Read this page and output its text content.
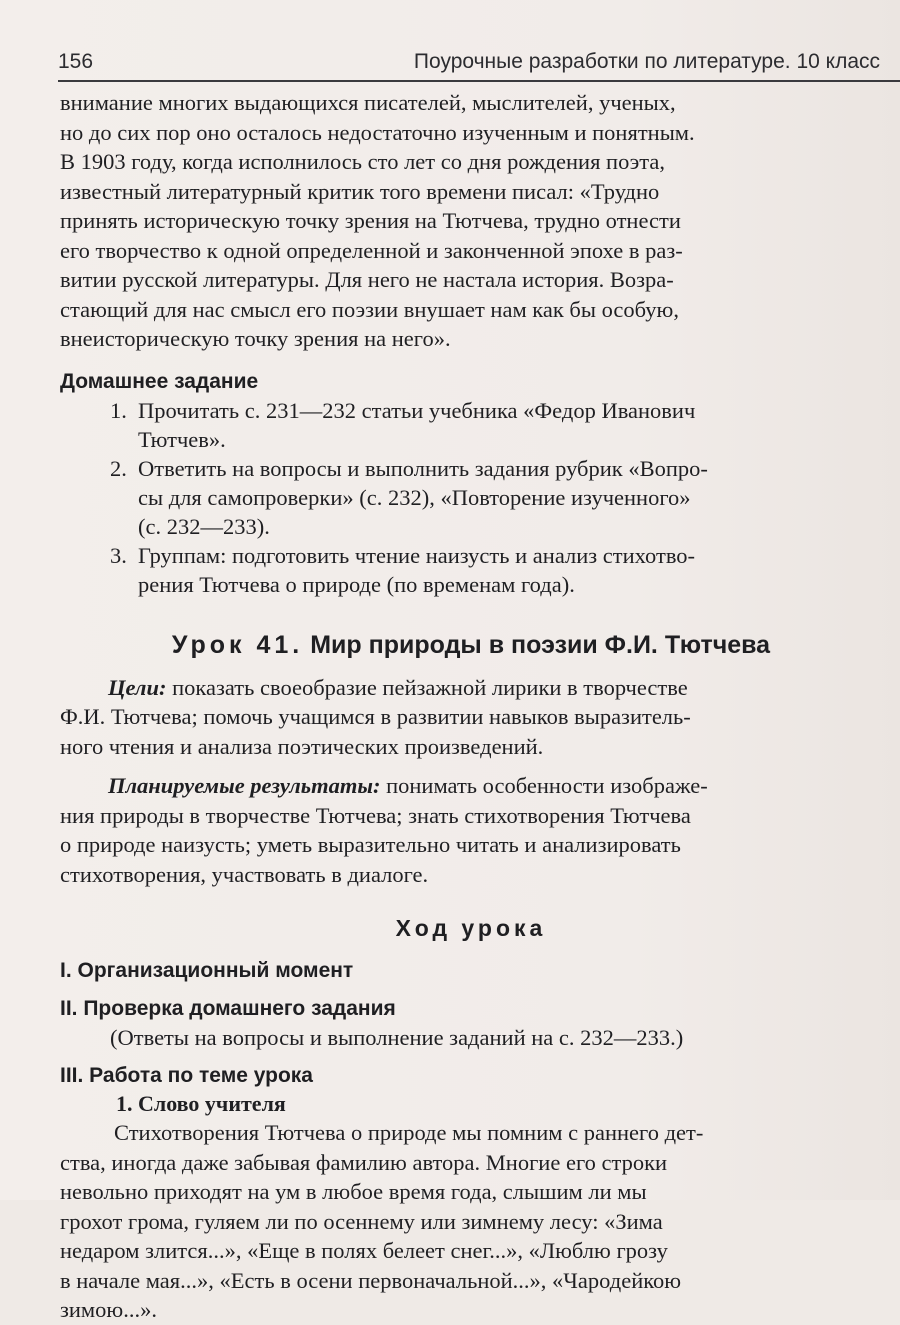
156	Поурочные разработки по литературе. 10 класс
внимание многих выдающихся писателей, мыслителей, ученых,
но до сих пор оно осталось недостаточно изученным и понятным.
В 1903 году, когда исполнилось сто лет со дня рождения поэта,
известный литературный критик того времени писал: «Трудно
принять историческую точку зрения на Тютчева, трудно отнести
его творчество к одной определенной и законченной эпохе в раз-
витии русской литературы. Для него не настала история. Возра-
стающий для нас смысл его поэзии внушает нам как бы особую,
внеисторическую точку зрения на него».
Домашнее задание
1. Прочитать с. 231—232 статьи учебника «Федор Иванович
Тютчев».
2. Ответить на вопросы и выполнить задания рубрик «Вопро-
сы для самопроверки» (с. 232), «Повторение изученного»
(с. 232—233).
3. Группам: подготовить чтение наизусть и анализ стихотво-
рения Тютчева о природе (по временам года).
Урок 41. Мир природы в поэзии Ф.И. Тютчева
Цели: показать своеобразие пейзажной лирики в творчестве
Ф.И. Тютчева; помочь учащимся в развитии навыков выразитель-
ного чтения и анализа поэтических произведений.
Планируемые результаты: понимать особенности изображе-
ния природы в творчестве Тютчева; знать стихотворения Тютчева
о природе наизусть; уметь выразительно читать и анализировать
стихотворения, участвовать в диалоге.
Ход урока
I. Организационный момент
II. Проверка домашнего задания
(Ответы на вопросы и выполнение заданий на с. 232—233.)
III. Работа по теме урока
1. Слово учителя
Стихотворения Тютчева о природе мы помним с раннего дет-
ства, иногда даже забывая фамилию автора. Многие его строки
невольно приходят на ум в любое время года, слышим ли мы
грохот грома, гуляем ли по осеннему или зимнему лесу: «Зима
недаром злится...», «Еще в полях белеет снег...», «Люблю грозу
в начале мая...», «Есть в осени первоначальной...», «Чародейкою
зимою...».
